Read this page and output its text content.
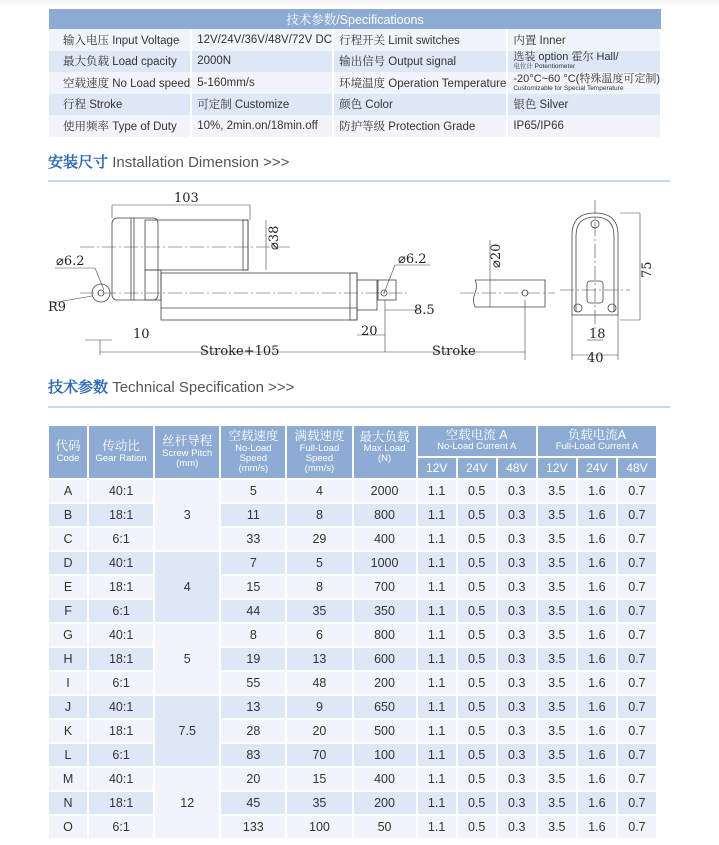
技术参数/Specificatioons			
输入电压 Input Voltage	12V/24V/36V/48V/72V DC	行程开关 Limit switches	内置 Inner
最大负载 Load cpacity	2000N	输出信号 Output signal	选装 option 霍尔 Hall/
电位计 Potentiometer

空载速度 No Load speed	5-160mm/s	环境温度 Operation Temperature	-20°C~60 °C(特殊温度可定制)
Customizable for Special Temperature

行程 Stroke	可定制 Customize	颜色 Color	银色 Silver
使用频率 Type of Duty	10%, 2min.on/18min.off	防护等级 Protection Grade	IP65/IP66
安装尺寸 Installation Dimension >>>
103
⌀38
⌀6.2
R9
10
Stroke+105
⌀6.2
20
8.5
Stroke
⌀20
75
18
40
技术参数 Technical Specification >>>
代码
Code	传动比
Gear Ration	丝杆导程
Screw Pitch
(mm)	空载速度
No-Load
Speed
(mm/s)	满载速度
Full-Load
Speed
(mm/s)	最大负载
Max Load
(N)	空载电流 A
No-Load Current A			负载电流A
Full-Load Current A		

						12V	24V	48V	12V	24V	48V
A	40:1	3	5	4	2000	1.1	0.5	0.3	3.5	1.6	0.7
B	18:1		11	8	800	1.1	0.5	0.3	3.5	1.6	0.7
C	6:1		33	29	400	1.1	0.5	0.3	3.5	1.6	0.7
D	40:1	4	7	5	1000	1.1	0.5	0.3	3.5	1.6	0.7
E	18:1		15	8	700	1.1	0.5	0.3	3.5	1.6	0.7
F	6:1		44	35	350	1.1	0.5	0.3	3.5	1.6	0.7
G	40:1	5	8	6	800	1.1	0.5	0.3	3.5	1.6	0.7
H	18:1		19	13	600	1.1	0.5	0.3	3.5	1.6	0.7
I	6:1		55	48	200	1.1	0.5	0.3	3.5	1.6	0.7
J	40:1	7.5	13	9	650	1.1	0.5	0.3	3.5	1.6	0.7
K	18:1		28	20	500	1.1	0.5	0.3	3.5	1.6	0.7
L	6:1		83	70	100	1.1	0.5	0.3	3.5	1.6	0.7
M	40:1	12	20	15	400	1.1	0.5	0.3	3.5	1.6	0.7
N	18:1		45	35	200	1.1	0.5	0.3	3.5	1.6	0.7
O	6:1		133	100	50	1.1	0.5	0.3	3.5	1.6	0.7
